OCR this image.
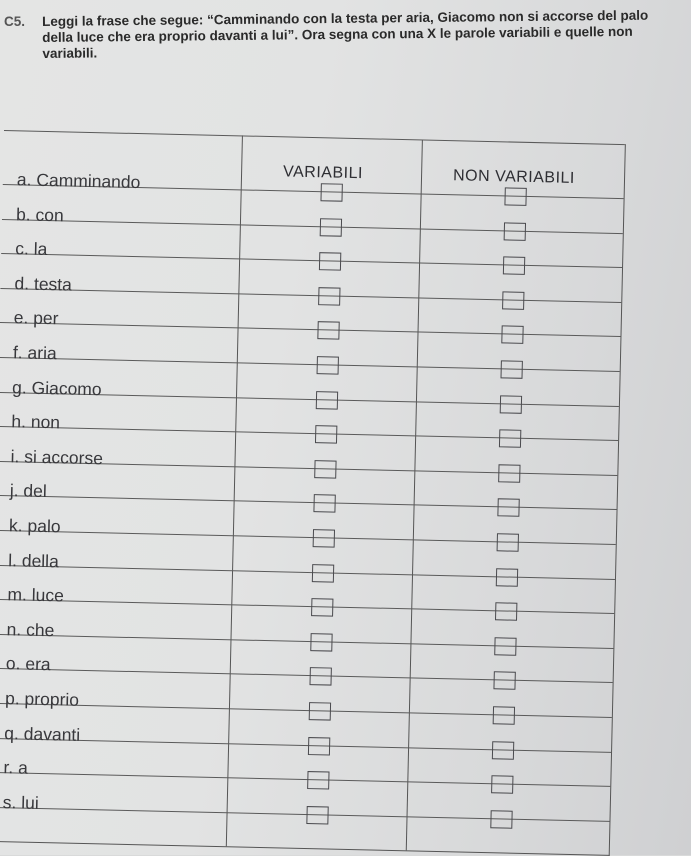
C5. Leggi la frase che segue: “Camminando con la testa per aria, Giacomo non si accorse del palo della luce che era proprio davanti a lui”. Ora segna con una X le parole variabili e quelle non variabili.
VARIABILI	NON VARIABILI
a. Camminando
b. con
c. la
d. testa
e. per
f. aria
g. Giacomo
h. non
i. si accorse
j. del
k. palo
l. della
m. luce
n. che
o. era
p. proprio
q. davanti
r. a
s. lui
